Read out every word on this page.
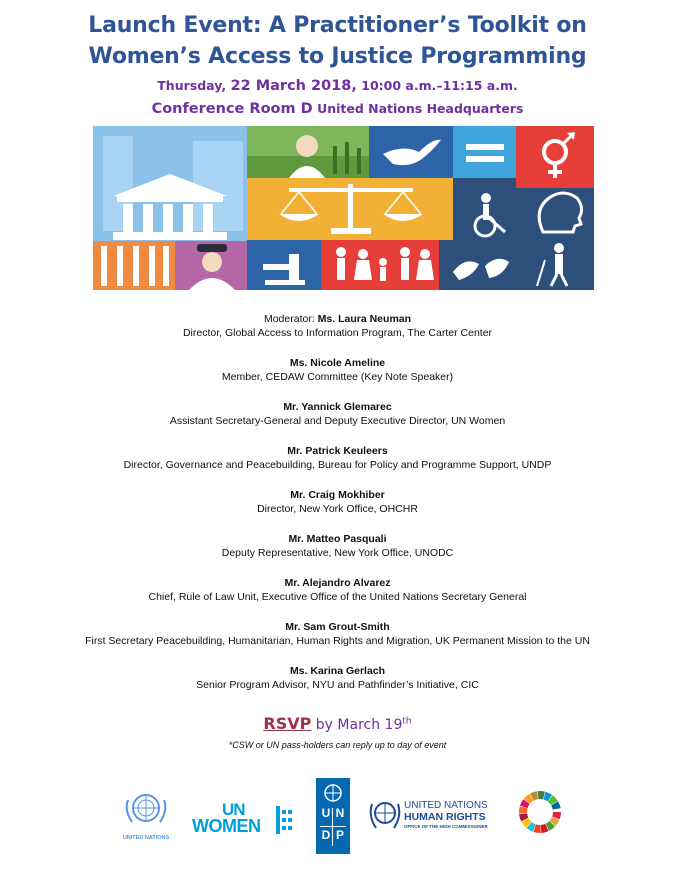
Launch Event: A Practitioner’s Toolkit on
Women’s Access to Justice Programming
Thursday, 22 March 2018, 10:00 a.m.–11:15 a.m.
Conference Room D United Nations Headquarters
Moderator: Ms. Laura Neuman
Director, Global Access to Information Program, The Carter Center
Ms. Nicole Ameline
Member, CEDAW Committee (Key Note Speaker)
Mr. Yannick Glemarec
Assistant Secretary-General and Deputy Executive Director, UN Women
Mr. Patrick Keuleers
Director, Governance and Peacebuilding, Bureau for Policy and Programme Support, UNDP
Mr. Craig Mokhiber
Director, New York Office, OHCHR
Mr. Matteo Pasquali
Deputy Representative, New York Office, UNODC
Mr. Alejandro Alvarez
Chief, Rule of Law Unit, Executive Office of the United Nations Secretary General
Mr. Sam Grout-Smith
First Secretary Peacebuilding, Humanitarian, Human Rights and Migration, UK Permanent Mission to the UN
Ms. Karina Gerlach
Senior Program Advisor, NYU and Pathfinder’s Initiative, CIC
RSVP by March 19th
*CSW or UN pass-holders can reply up to day of event
UNITED NATIONS
UN
WOMEN
U N
D P
UNITED NATIONS
HUMAN RIGHTS
OFFICE OF THE HIGH COMMISSIONER
